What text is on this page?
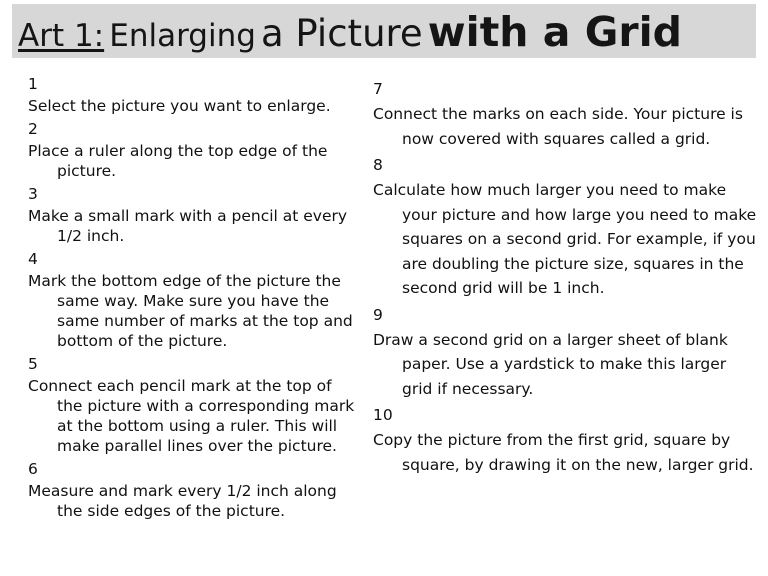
Art 1: Enlarging a Picture with a Grid

1

Select the picture you want to enlarge.

2

Place a ruler along the top edge of the picture.

3

Make a small mark with a pencil at every 1/2 inch.

4

Mark the bottom edge of the picture the same way. Make sure you have the same number of marks at the top and bottom of the picture.

5

Connect each pencil mark at the top of the picture with a corresponding mark at the bottom using a ruler. This will make parallel lines over the picture.

6

Measure and mark every 1/2 inch along the side edges of the picture.

7

Connect the marks on each side. Your picture is now covered with squares called a grid.

8

Calculate how much larger you need to make your picture and how large you need to make squares on a second grid. For example, if you are doubling the picture size, squares in the second grid will be 1 inch.

9

Draw a second grid on a larger sheet of blank paper. Use a yardstick to make this larger grid if necessary.

10

Copy the picture from the first grid, square by square, by drawing it on the new, larger grid.
